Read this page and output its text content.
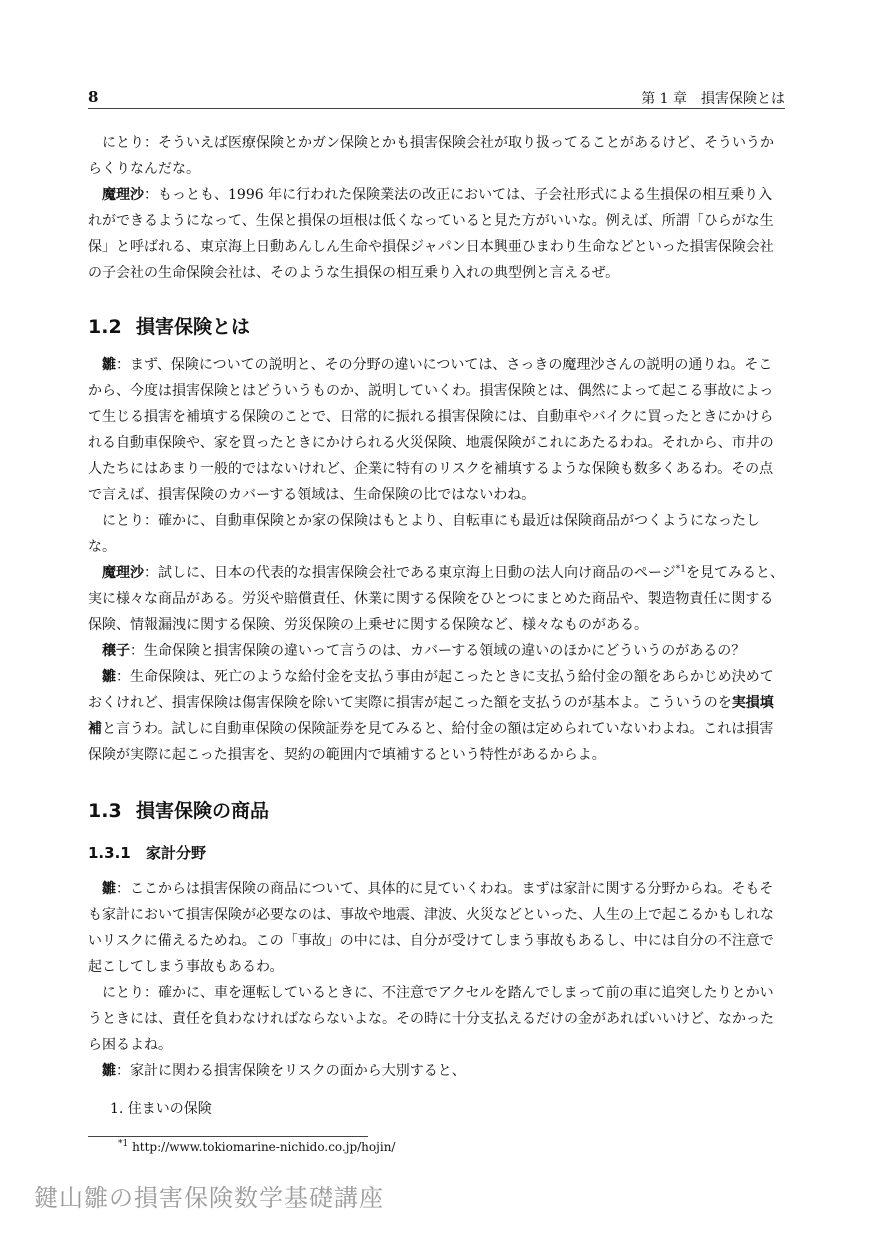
8	第 1 章　損害保険とは

にとり：そういえば医療保険とかガン保険とかも損害保険会社が取り扱ってることがあるけど、そういうからくりなんだな。

魔理沙：もっとも、1996 年に行われた保険業法の改正においては、子会社形式による生損保の相互乗り入れができるようになって、生保と損保の垣根は低くなっていると見た方がいいな。例えば、所謂「ひらがな生保」と呼ばれる、東京海上日動あんしん生命や損保ジャパン日本興亜ひまわり生命などといった損害保険会社の子会社の生命保険会社は、そのような生損保の相互乗り入れの典型例と言えるぜ。

1.2 損害保険とは

雛：まず、保険についての説明と、その分野の違いについては、さっきの魔理沙さんの説明の通りね。そこから、今度は損害保険とはどういうものか、説明していくわ。損害保険とは、偶然によって起こる事故によって生じる損害を補填する保険のことで、日常的に振れる損害保険には、自動車やバイクに買ったときにかけられる自動車保険や、家を買ったときにかけられる火災保険、地震保険がこれにあたるわね。それから、市井の人たちにはあまり一般的ではないけれど、企業に特有のリスクを補填するような保険も数多くあるわ。その点で言えば、損害保険のカバーする領域は、生命保険の比ではないわね。

にとり：確かに、自動車保険とか家の保険はもとより、自転車にも最近は保険商品がつくようになったしな。

魔理沙：試しに、日本の代表的な損害保険会社である東京海上日動の法人向け商品のページ$^{*1}$を見てみると、実に様々な商品がある。労災や賠償責任、休業に関する保険をひとつにまとめた商品や、製造物責任に関する保険、情報漏洩に関する保険、労災保険の上乗せに関する保険など、様々なものがある。

穣子：生命保険と損害保険の違いって言うのは、カバーする領域の違いのほかにどういうのがあるの？

雛：生命保険は、死亡のような給付金を支払う事由が起こったときに支払う給付金の額をあらかじめ決めておくけれど、損害保険は傷害保険を除いて実際に損害が起こった額を支払うのが基本よ。こういうのを実損填補と言うわ。試しに自動車保険の保険証券を見てみると、給付金の額は定められていないわよね。これは損害保険が実際に起こった損害を、契約の範囲内で填補するという特性があるからよ。

1.3 損害保険の商品
1.3.1 家計分野

雛：ここからは損害保険の商品について、具体的に見ていくわね。まずは家計に関する分野からね。そもそも家計において損害保険が必要なのは、事故や地震、津波、火災などといった、人生の上で起こるかもしれないリスクに備えるためね。この「事故」の中には、自分が受けてしまう事故もあるし、中には自分の不注意で起こしてしまう事故もあるわ。

にとり：確かに、車を運転しているときに、不注意でアクセルを踏んでしまって前の車に追突したりとかいうときには、責任を負わなければならないよな。その時に十分支払えるだけの金があればいいけど、なかったら困るよね。

雛：家計に関わる損害保険をリスクの面から大別すると、

1. 住まいの保険
$^{*1}$ http://www.tokiomarine-nichido.co.jp/hojin/
鍵山雛の損害保険数学基礎講座
